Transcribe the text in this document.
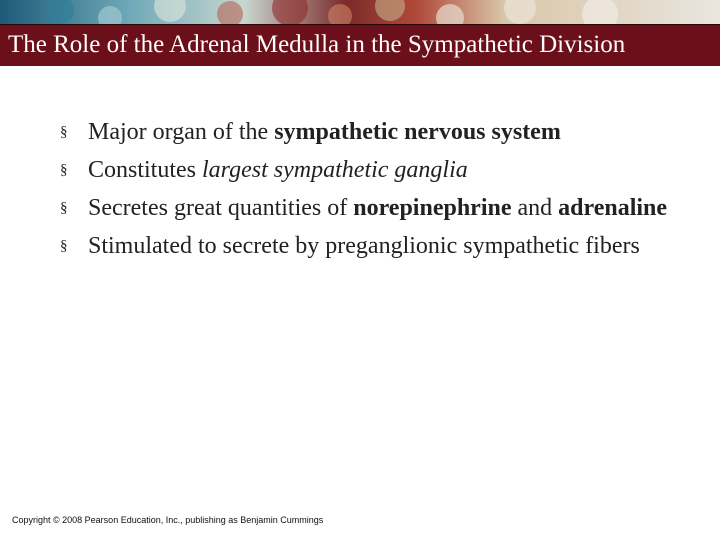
The Role of the Adrenal Medulla in the Sympathetic Division
§ Major organ of the sympathetic nervous system
§ Constitutes largest sympathetic ganglia
§ Secretes great quantities of norepinephrine and adrenaline
§ Stimulated to secrete by preganglionic sympathetic fibers
Copyright © 2008 Pearson Education, Inc., publishing as Benjamin Cummings
